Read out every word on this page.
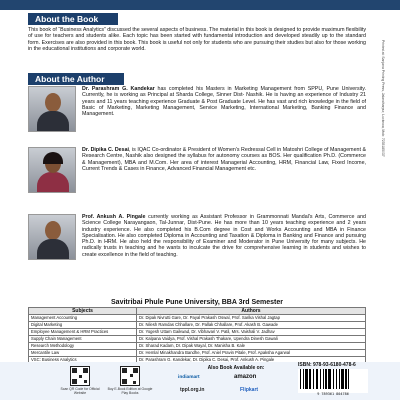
About the Book
This book of “Business Analytics” discussed the several aspects of business. The material in this book is designed to provide maximum flexibility of use for teachers and students alike. Each topic has been started with fundamental introduction and developed steadily up to the standard form. Exercises are also provided in this book. This book is useful not only for students who are pursuing their studies but also for those working in the educational institutions and corporate world.
About the Author
Dr. Parashram G. Kandekar has completed his Masters in Marketing Management from SPPU, Pune University. Currently, he is working as Principal at Sharda College, Sinner Dist- Nashik. He is having an experience of Industry 21 years and 11 years teaching experience Graduate & Post Graduate Level. He has vast and rich knowledge in the field of Basic of Marketing, Marketing Management, Service Marketing, International Marketing, Banking Finance and Management.
Dr. Dipika C. Desai, is IQAC Co-ordinator & President of Women's Redressal Cell in Matoshri College of Management & Research Centre, Nashik also designed the syllabus for autonomy courses as BOS. Her qualification Ph.D. (Commerce & Management), MBA and M.Com. Her area of interest Managerial Accounting, HRM, Financial Law, Fixed Income, Current Trends & Cases in Finance, Advanced Financial Management etc.
Prof. Ankush A. Pingale currently working as Assistant Professor in Grammonnati Mandal's Arts, Commerce and Science College Narayangaon, Tal-Junnar, Dist-Pune. He has more than 10 years teaching experience and 2 years industry experience. He also completed his B.Com degree in Cost and Works Accounting and MBA in Finance Specialisation. He also completed Diploma in Accounting and Taxation & Diploma in Banking and Finance and pursuing Ph.D. in HRM. He also held the responsibility of Examiner and Moderator in Pune University for many subjects. He radically trusts in teaching and he wants to inculcate the drive for comprehensive learning in students and wishes to create excellence in the field of teaching.
Savitribai Phule Pune University, BBA 3rd Semester
Subjects	Authors
Management Accounting	Dr. Dipak Nivrutti Gare, Dr. Payal Prakash Oswal, Prof. Sarika Vishal Jagtap
Digital Marketing	Dr. Nilesh Ramdas Chhallare, Dr. Pallak Chhallare, Prof. Akash B. Gawade
Employee Management & HRM Practices	Dr. Yogesh Uttam Gaikwad, Dr. Vibhavari V. Patil, Mrs. Vaishali V. Jadhav
Supply Chain Management	Dr. Kalpana Vaidya, Prof. Vishal Prakash Thakare, Upendra Dinesh Gawali
Research Methodology	Dr. Sharad Kadam, Dr. Dipak Wayal, Dr. Manisha B. Kale
Mercantile Law	Dr. Hemlal Minakhandra Bandhe, Prof. Aniel Pravin Pitale, Prof. Apaksha Agarwal
VSC: Business Analytics	Dr. Parashram G. Kandekar, Dr. Dipika C. Desai, Prof. Ankush A. Pingale
Scan QR Code for Official Website
Buy E-Book Edition at Google Play Books
Also Book Available on:
indiamart	amazon
tppl.org.in	Flipkart
ISBN: 978-93-6180-478-6
9 789361 804786
Printed at: Sanjana Printing Press, Jalandharpur, Lucknow, Mob: 7235185037
